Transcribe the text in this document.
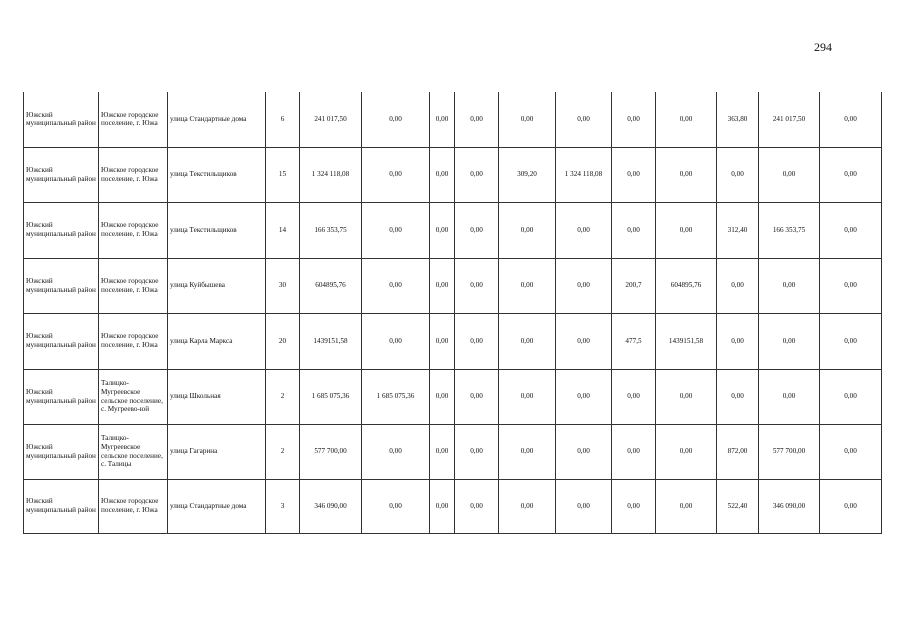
294
Южский муниципальный район	Южское городское поселение, г. Южа	улица Стандартные дома	6	241 017,50	0,00	0,00	0,00	0,00	0,00	0,00	0,00	363,80	241 017,50	0,00
Южский муниципальный район	Южское городское поселение, г. Южа	улица Текстильщиков	15	1 324 118,08	0,00	0,00	0,00	309,20	1 324 118,08	0,00	0,00	0,00	0,00	0,00
Южский муниципальный район	Южское городское поселение, г. Южа	улица Текстильщиков	14	166 353,75	0,00	0,00	0,00	0,00	0,00	0,00	0,00	312,40	166 353,75	0,00
Южский муниципальный район	Южское городское поселение, г. Южа	улица Куйбышева	30	604895,76	0,00	0,00	0,00	0,00	0,00	200,7	604895,76	0,00	0,00	0,00
Южский муниципальный район	Южское городское поселение, г. Южа	улица Карла Маркса	20	1439151,58	0,00	0,00	0,00	0,00	0,00	477,5	1439151,58	0,00	0,00	0,00
Южский муниципальный район	Талицко-Мугреевское сельское поселение, с. Мугреево-юй	улица Школьная	2	1 685 075,36	1 685 075,36	0,00	0,00	0,00	0,00	0,00	0,00	0,00	0,00	0,00
Южский муниципальный район	Талицко-Мугреевское сельское поселение, с. Талицы	улица Гагарина	2	577 700,00	0,00	0,00	0,00	0,00	0,00	0,00	0,00	872,00	577 700,00	0,00
Южский муниципальный район	Южское городское поселение, г. Южа	улица Стандартные дома	3	346 090,00	0,00	0,00	0,00	0,00	0,00	0,00	0,00	522,40	346 090,00	0,00
